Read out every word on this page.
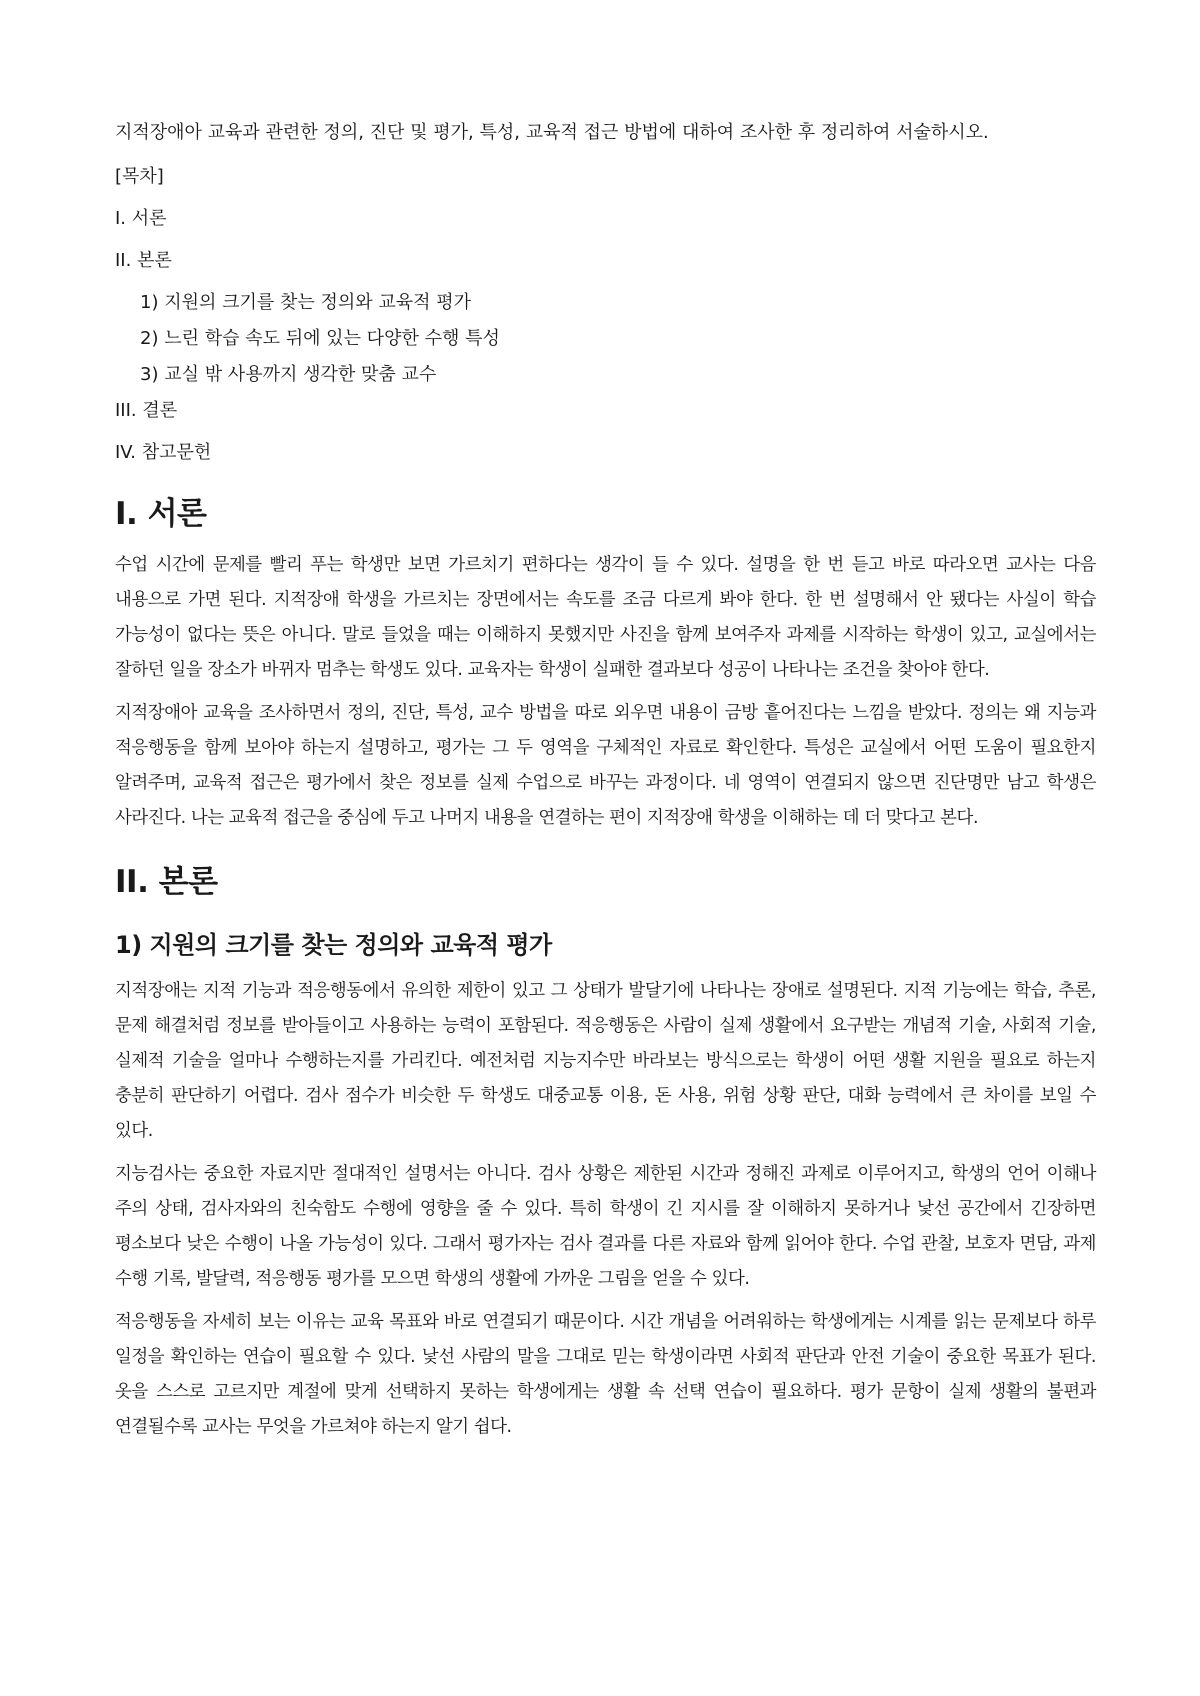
지적장애아 교육과 관련한 정의, 진단 및 평가, 특성, 교육적 접근 방법에 대하여 조사한 후 정리하여 서술하시오.

[목차]

I. 서론

II. 본론

1) 지원의 크기를 찾는 정의와 교육적 평가

2) 느린 학습 속도 뒤에 있는 다양한 수행 특성

3) 교실 밖 사용까지 생각한 맞춤 교수

III. 결론

IV. 참고문헌

I. 서론

수업 시간에 문제를 빨리 푸는 학생만 보면 가르치기 편하다는 생각이 들 수 있다. 설명을 한 번 듣고 바로 따라오면 교사는 다음 내용으로 가면 된다. 지적장애 학생을 가르치는 장면에서는 속도를 조금 다르게 봐야 한다. 한 번 설명해서 안 됐다는 사실이 학습 가능성이 없다는 뜻은 아니다. 말로 들었을 때는 이해하지 못했지만 사진을 함께 보여주자 과제를 시작하는 학생이 있고, 교실에서는 잘하던 일을 장소가 바뀌자 멈추는 학생도 있다. 교육자는 학생이 실패한 결과보다 성공이 나타나는 조건을 찾아야 한다.

지적장애아 교육을 조사하면서 정의, 진단, 특성, 교수 방법을 따로 외우면 내용이 금방 흩어진다는 느낌을 받았다. 정의는 왜 지능과 적응행동을 함께 보아야 하는지 설명하고, 평가는 그 두 영역을 구체적인 자료로 확인한다. 특성은 교실에서 어떤 도움이 필요한지 알려주며, 교육적 접근은 평가에서 찾은 정보를 실제 수업으로 바꾸는 과정이다. 네 영역이 연결되지 않으면 진단명만 남고 학생은 사라진다. 나는 교육적 접근을 중심에 두고 나머지 내용을 연결하는 편이 지적장애 학생을 이해하는 데 더 맞다고 본다.

II. 본론
1) 지원의 크기를 찾는 정의와 교육적 평가

지적장애는 지적 기능과 적응행동에서 유의한 제한이 있고 그 상태가 발달기에 나타나는 장애로 설명된다. 지적 기능에는 학습, 추론, 문제 해결처럼 정보를 받아들이고 사용하는 능력이 포함된다. 적응행동은 사람이 실제 생활에서 요구받는 개념적 기술, 사회적 기술, 실제적 기술을 얼마나 수행하는지를 가리킨다. 예전처럼 지능지수만 바라보는 방식으로는 학생이 어떤 생활 지원을 필요로 하는지 충분히 판단하기 어렵다. 검사 점수가 비슷한 두 학생도 대중교통 이용, 돈 사용, 위험 상황 판단, 대화 능력에서 큰 차이를 보일 수 있다.

지능검사는 중요한 자료지만 절대적인 설명서는 아니다. 검사 상황은 제한된 시간과 정해진 과제로 이루어지고, 학생의 언어 이해나 주의 상태, 검사자와의 친숙함도 수행에 영향을 줄 수 있다. 특히 학생이 긴 지시를 잘 이해하지 못하거나 낯선 공간에서 긴장하면 평소보다 낮은 수행이 나올 가능성이 있다. 그래서 평가자는 검사 결과를 다른 자료와 함께 읽어야 한다. 수업 관찰, 보호자 면담, 과제 수행 기록, 발달력, 적응행동 평가를 모으면 학생의 생활에 가까운 그림을 얻을 수 있다.

적응행동을 자세히 보는 이유는 교육 목표와 바로 연결되기 때문이다. 시간 개념을 어려워하는 학생에게는 시계를 읽는 문제보다 하루 일정을 확인하는 연습이 필요할 수 있다. 낯선 사람의 말을 그대로 믿는 학생이라면 사회적 판단과 안전 기술이 중요한 목표가 된다. 옷을 스스로 고르지만 계절에 맞게 선택하지 못하는 학생에게는 생활 속 선택 연습이 필요하다. 평가 문항이 실제 생활의 불편과 연결될수록 교사는 무엇을 가르쳐야 하는지 알기 쉽다.
